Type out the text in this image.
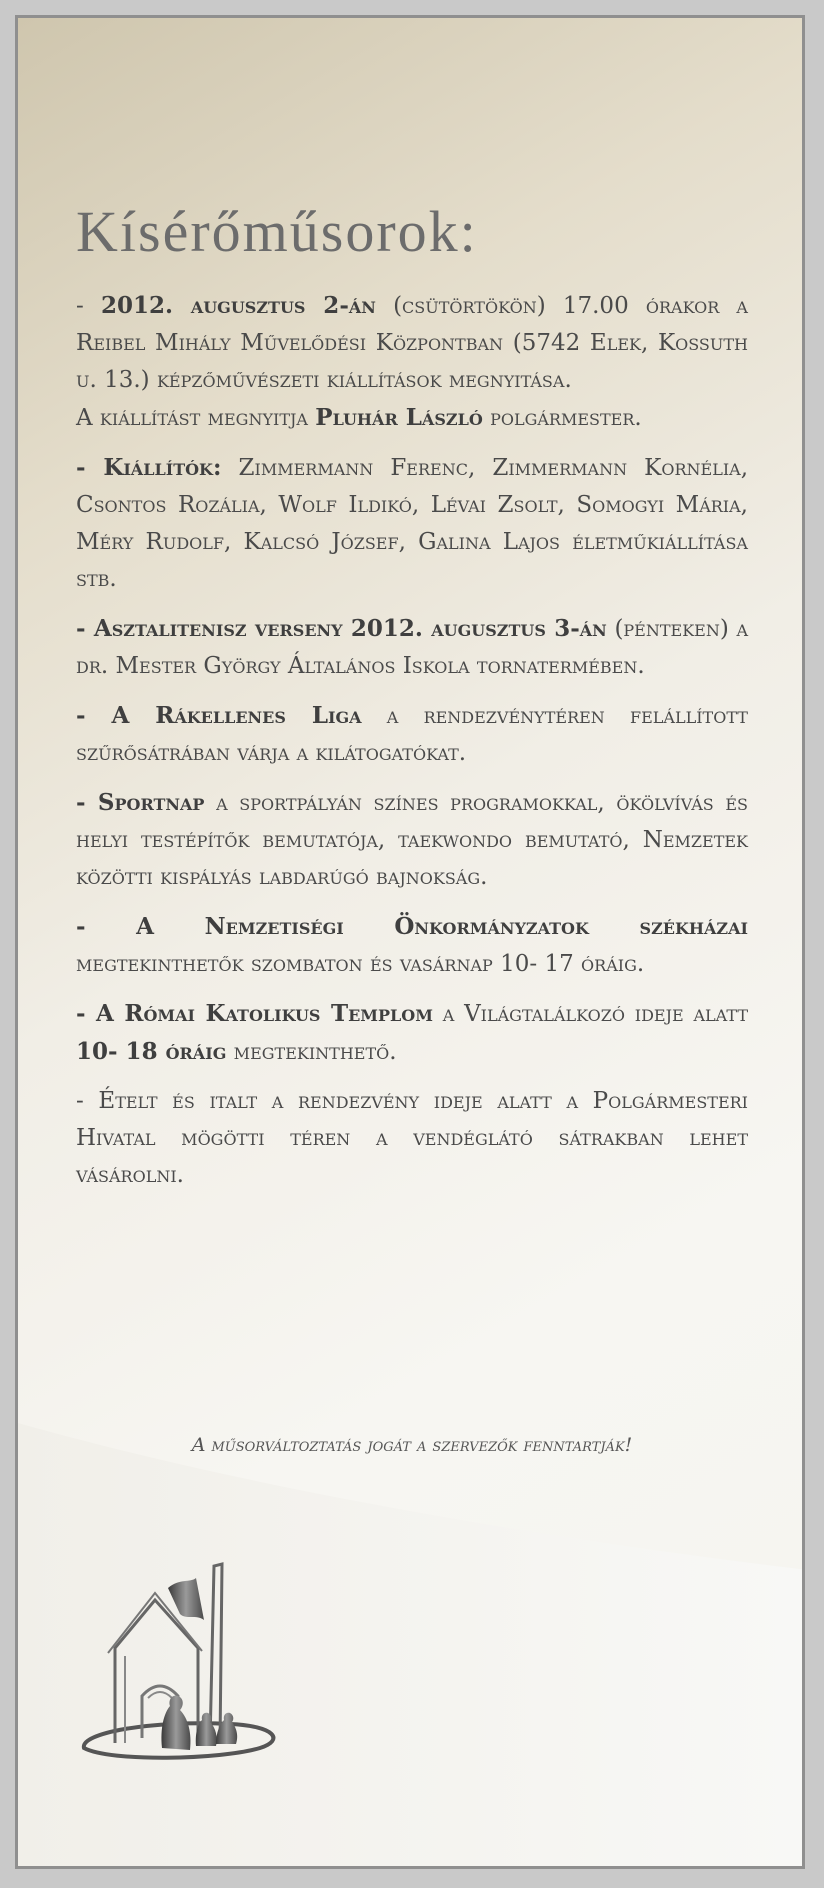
Kísérőműsorok:

- 2012. augusztus 2-án (csütörtökön) 17.00 órakor a Reibel Mihály Művelődési Központban (5742 Elek, Kossuth u. 13.) képzőművészeti kiállítások megnyitása.
A kiállítást megnyitja Pluhár László polgármester.

- Kiállítók: Zimmermann Ferenc, Zimmermann Kornélia, Csontos Rozália, Wolf Ildikó, Lévai Zsolt, Somogyi Mária, Méry Rudolf, Kalcsó József, Galina Lajos életműkiállítása stb.

- Asztalitenisz verseny 2012. augusztus 3-án (pénteken) a dr. Mester György Általános Iskola tornatermében.

- A Rákellenes Liga a rendezvénytéren felállított szűrősátrában várja a kilátogatókat.

- Sportnap a sportpályán színes programokkal, ökölvívás és helyi testépítők bemutatója, taekwondo bemutató, Nemzetek közötti kispályás labdarúgó bajnokság.

- A Nemzetiségi Önkormányzatok székházai megtekinthetők szombaton és vasárnap 10- 17 óráig.

- A Római Katolikus Templom a Világtalálkozó ideje alatt 10- 18 óráig megtekinthető.

- Ételt és italt a rendezvény ideje alatt a Polgármesteri Hivatal mögötti téren a vendéglátó sátrakban lehet vásárolni.

A műsorváltoztatás jogát a szervezők fenntartják!
